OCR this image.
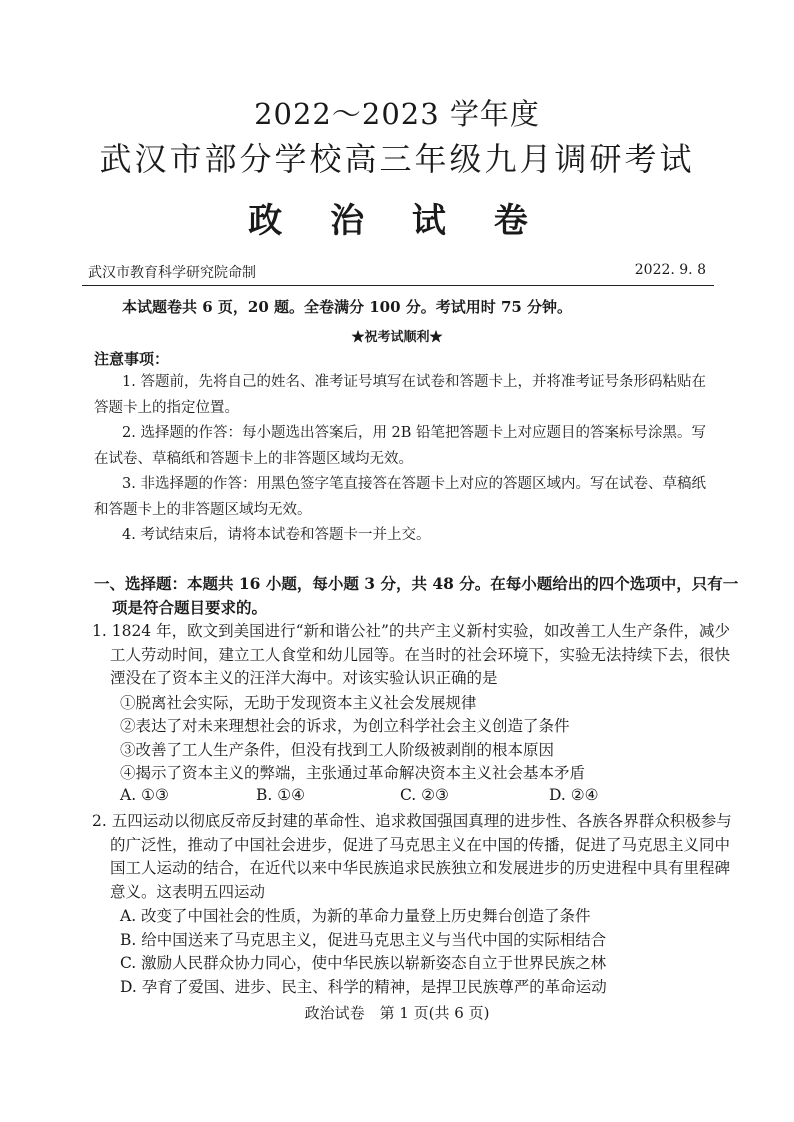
2022～2023 学年度
武汉市部分学校高三年级九月调研考试
政 治 试 卷
武汉市教育科学研究院命制	2022. 9. 8
本试题卷共 6 页，20 题。全卷满分 100 分。考试用时 75 分钟。
★祝考试顺利★
注意事项：
1. 答题前，先将自己的姓名、准考证号填写在试卷和答题卡上，并将准考证号条形码粘贴在答题卡上的指定位置。
2. 选择题的作答：每小题选出答案后，用 2B 铅笔把答题卡上对应题目的答案标号涂黑。写在试卷、草稿纸和答题卡上的非答题区域均无效。
3. 非选择题的作答：用黑色签字笔直接答在答题卡上对应的答题区域内。写在试卷、草稿纸和答题卡上的非答题区域均无效。
4. 考试结束后，请将本试卷和答题卡一并上交。
一、选择题：本题共 16 小题，每小题 3 分，共 48 分。在每小题给出的四个选项中，只有一项是符合题目要求的。
1. 1824 年，欧文到美国进行“新和谐公社”的共产主义新村实验，如改善工人生产条件，减少工人劳动时间，建立工人食堂和幼儿园等。在当时的社会环境下，实验无法持续下去，很快湮没在了资本主义的汪洋大海中。对该实验认识正确的是
①脱离社会实际，无助于发现资本主义社会发展规律
②表达了对未来理想社会的诉求，为创立科学社会主义创造了条件
③改善了工人生产条件，但没有找到工人阶级被剥削的根本原因
④揭示了资本主义的弊端，主张通过革命解决资本主义社会基本矛盾
A. ①③	B. ①④	C. ②③	D. ②④
2. 五四运动以彻底反帝反封建的革命性、追求救国强国真理的进步性、各族各界群众积极参与的广泛性，推动了中国社会进步，促进了马克思主义在中国的传播，促进了马克思主义同中国工人运动的结合，在近代以来中华民族追求民族独立和发展进步的历史进程中具有里程碑意义。这表明五四运动
A. 改变了中国社会的性质，为新的革命力量登上历史舞台创造了条件
B. 给中国送来了马克思主义，促进马克思主义与当代中国的实际相结合
C. 激励人民群众协力同心，使中华民族以崭新姿态自立于世界民族之林
D. 孕育了爱国、进步、民主、科学的精神，是捍卫民族尊严的革命运动
政治试卷　第 1 页(共 6 页)
